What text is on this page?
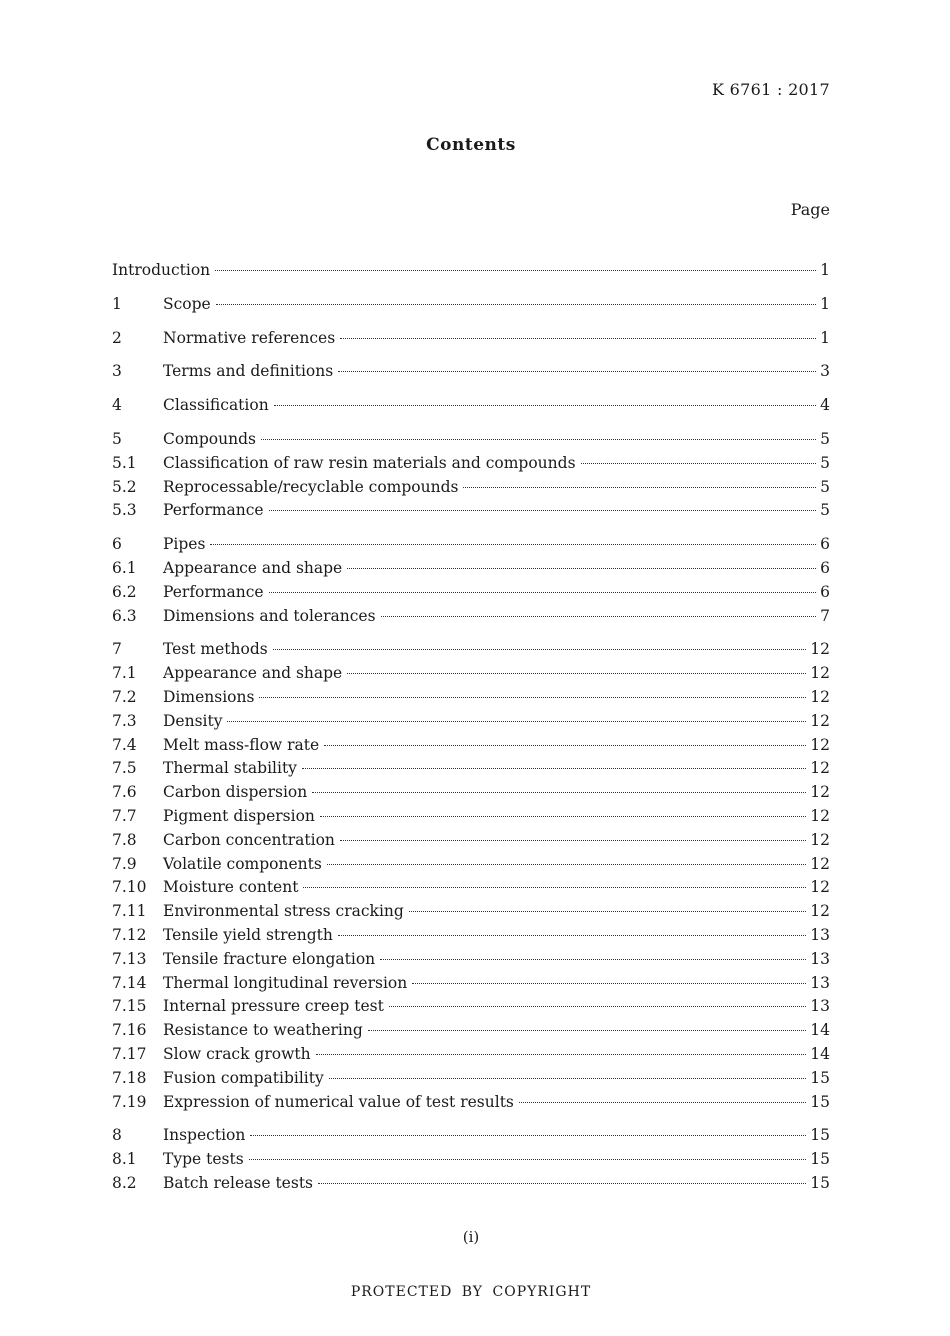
K 6761 : 2017
Contents
Page
Introduction	1
1	Scope	1
2	Normative references	1
3	Terms and definitions	3
4	Classification	4
5	Compounds	5
5.1	Classification of raw resin materials and compounds	5
5.2	Reprocessable/recyclable compounds	5
5.3	Performance	5
6	Pipes	6
6.1	Appearance and shape	6
6.2	Performance	6
6.3	Dimensions and tolerances	7
7	Test methods	12
7.1	Appearance and shape	12
7.2	Dimensions	12
7.3	Density	12
7.4	Melt mass-flow rate	12
7.5	Thermal stability	12
7.6	Carbon dispersion	12
7.7	Pigment dispersion	12
7.8	Carbon concentration	12
7.9	Volatile components	12
7.10	Moisture content	12
7.11	Environmental stress cracking	12
7.12	Tensile yield strength	13
7.13	Tensile fracture elongation	13
7.14	Thermal longitudinal reversion	13
7.15	Internal pressure creep test	13
7.16	Resistance to weathering	14
7.17	Slow crack growth	14
7.18	Fusion compatibility	15
7.19	Expression of numerical value of test results	15
8	Inspection	15
8.1	Type tests	15
8.2	Batch release tests	15
(i)
PROTECTED BY COPYRIGHT
